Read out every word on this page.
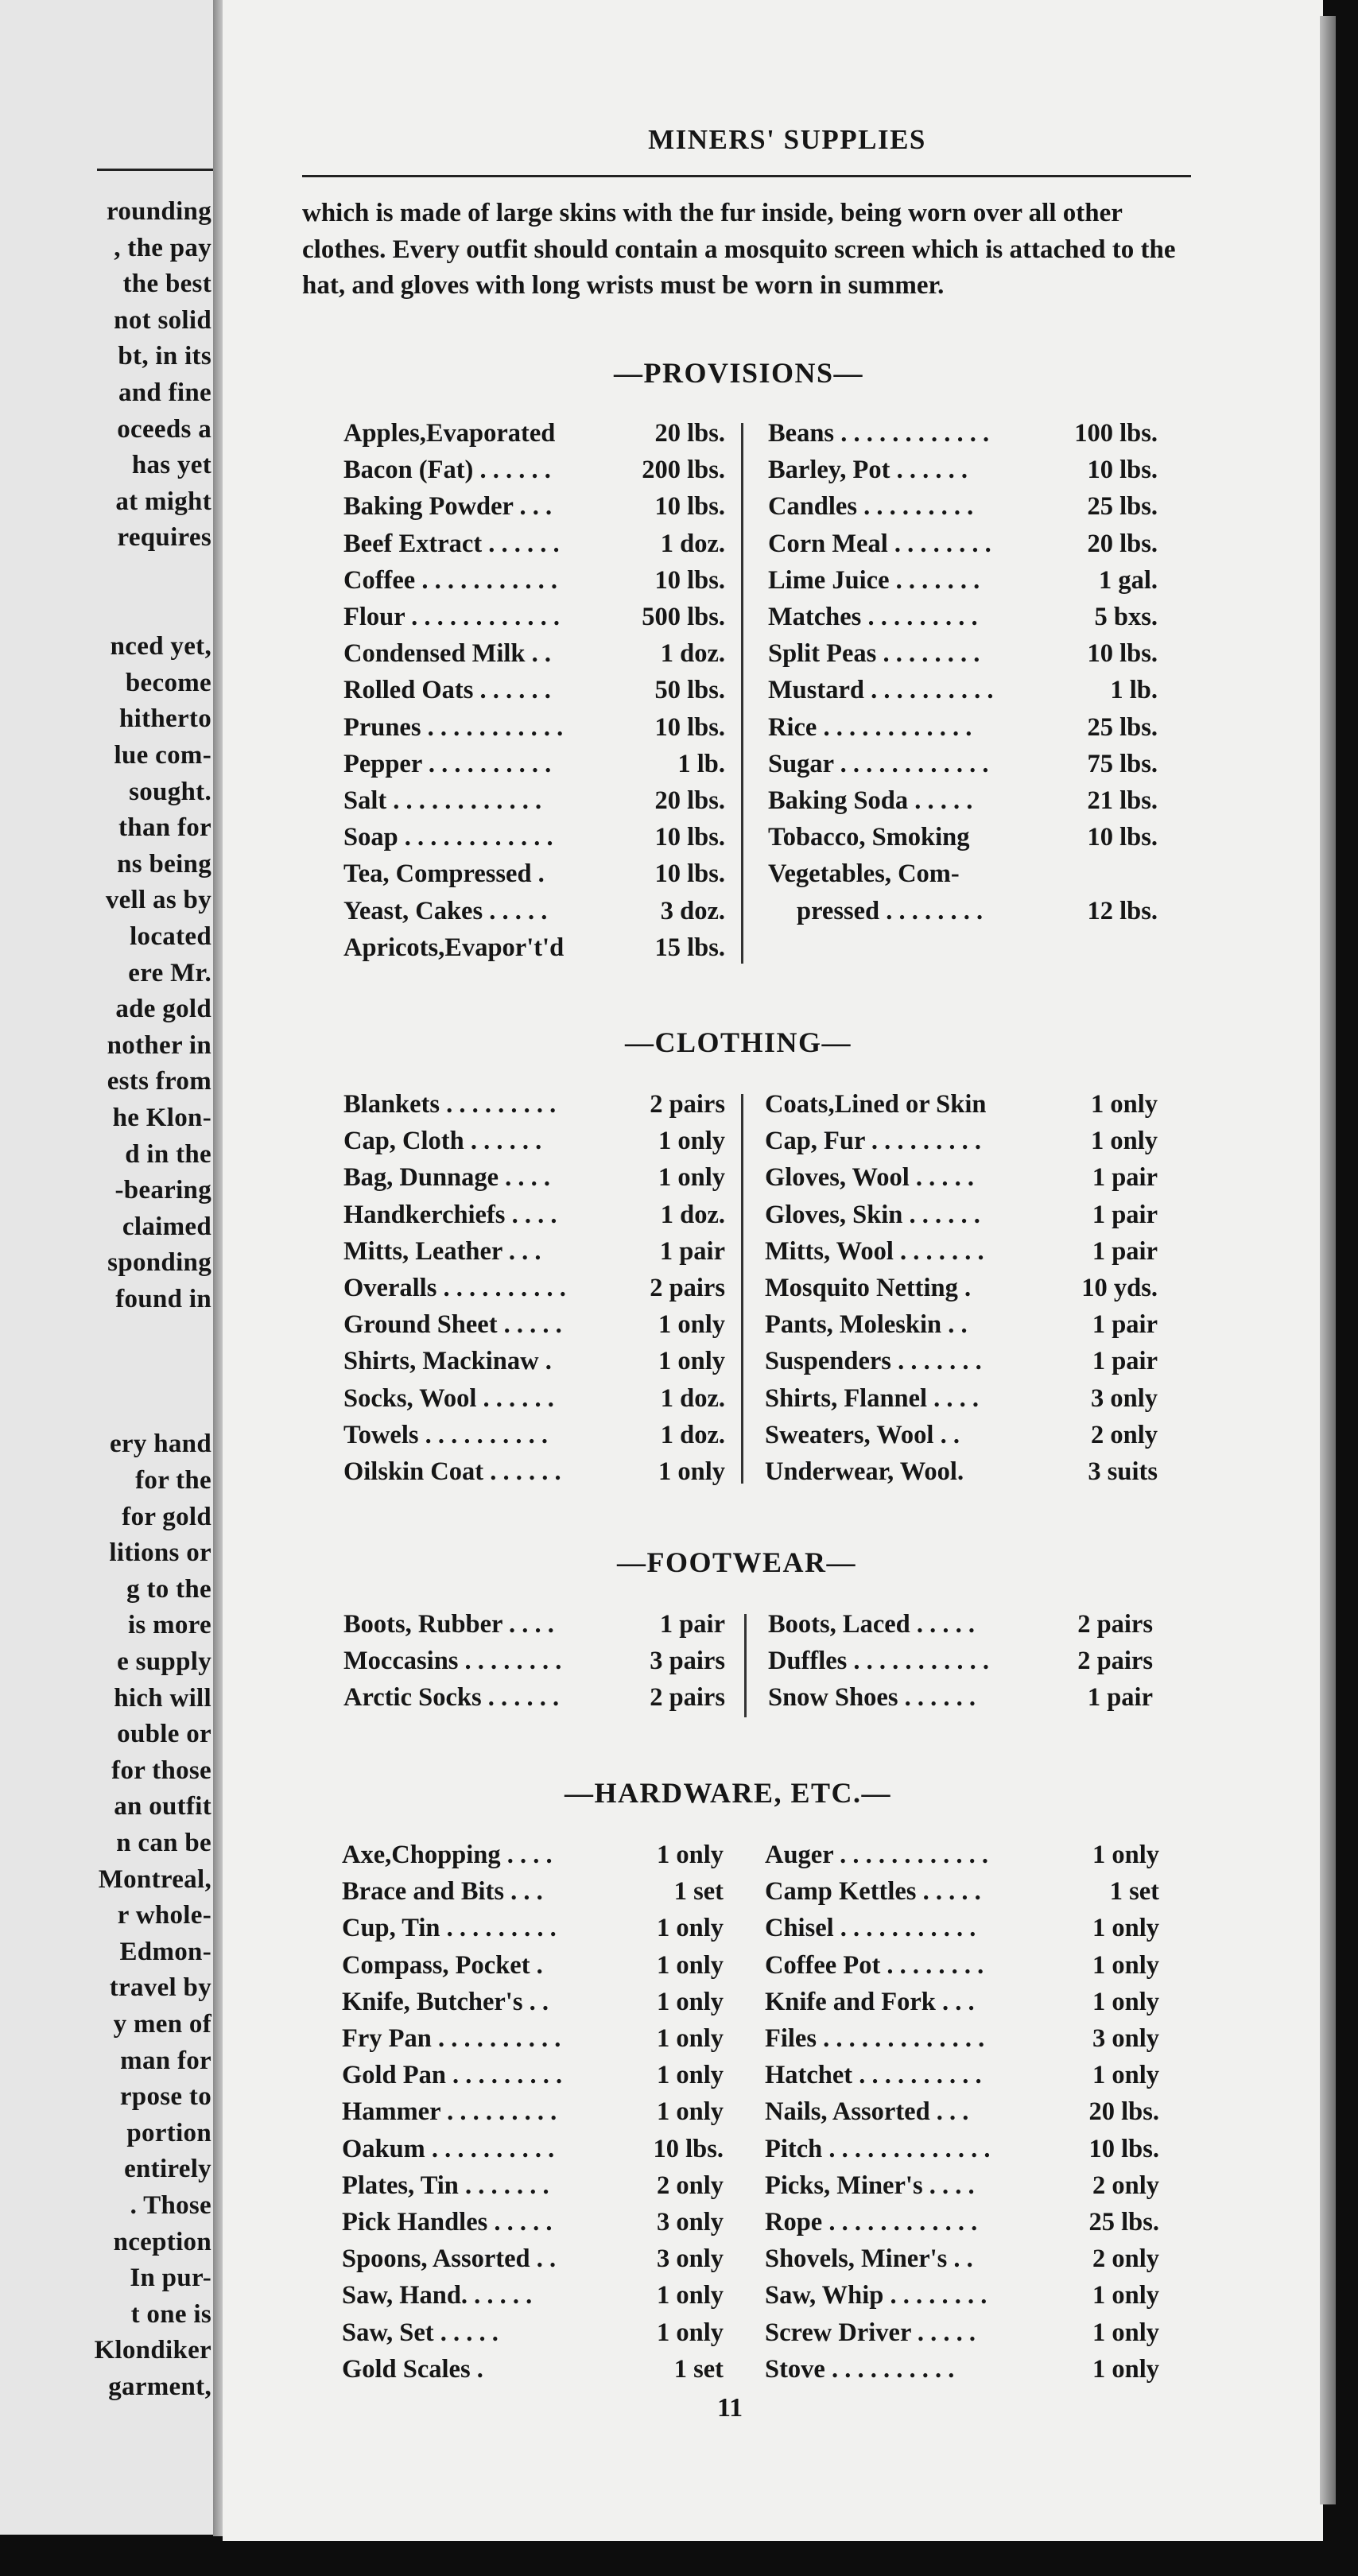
rounding
, the pay
the best
not solid
bt, in its
and fine
oceeds a
has yet
at might
requires
nced yet,
become
hitherto
lue com-
sought.
than for
ns being
vell as by
located
ere Mr.
ade gold
nother in
ests from
he Klon-
d in the
-bearing
claimed
sponding
found in
ery hand
for the
for gold
litions or
g to the
is more
e supply
hich will
ouble or
for those
an outfit
n can be
Montreal,
r whole-
Edmon-
travel by
y men of
man for
rpose to
portion
entirely
. Those
nception
In pur-
t one is
Klondiker
garment,
MINERS' SUPPLIES
which is made of large skins with the fur inside, being worn over all other clothes. Every outfit should contain a mosquito screen which is attached to the hat, and gloves with long wrists must be worn in summer.
—PROVISIONS—
Apples,Evaporated	20 lbs.
Bacon (Fat) . . . . . .	200 lbs.
Baking Powder . . .	10 lbs.
Beef Extract . . . . . .	1 doz.
Coffee . . . . . . . . . . .	10 lbs.
Flour . . . . . . . . . . . .	500 lbs.
Condensed Milk . .	1 doz.
Rolled Oats . . . . . .	50 lbs.
Prunes . . . . . . . . . . .	10 lbs.
Pepper . . . . . . . . . .	1 lb.
Salt . . . . . . . . . . . .	20 lbs.
Soap . . . . . . . . . . . .	10 lbs.
Tea, Compressed .	10 lbs.
Yeast, Cakes . . . . .	3 doz.
Apricots,Evapor't'd	15 lbs.
Beans . . . . . . . . . . . .	100 lbs.
Barley, Pot . . . . . .	10 lbs.
Candles . . . . . . . . .	25 lbs.
Corn Meal . . . . . . . .	20 lbs.
Lime Juice . . . . . . .	1 gal.
Matches . . . . . . . . .	5 bxs.
Split Peas . . . . . . . .	10 lbs.
Mustard . . . . . . . . . .	1 lb.
Rice . . . . . . . . . . . .	25 lbs.
Sugar . . . . . . . . . . . .	75 lbs.
Baking Soda . . . . .	21 lbs.
Tobacco, Smoking	10 lbs.
Vegetables, Com-
pressed . . . . . . . .	12 lbs.
—CLOTHING—
Blankets . . . . . . . . .	2 pairs
Cap, Cloth . . . . . .	1 only
Bag, Dunnage . . . .	1 only
Handkerchiefs . . . .	1 doz.
Mitts, Leather . . .	1 pair
Overalls . . . . . . . . . .	2 pairs
Ground Sheet . . . . .	1 only
Shirts, Mackinaw .	1 only
Socks, Wool . . . . . .	1 doz.
Towels . . . . . . . . . .	1 doz.
Oilskin Coat . . . . . .	1 only
Coats,Lined or Skin	1 only
Cap, Fur . . . . . . . . .	1 only
Gloves, Wool . . . . .	1 pair
Gloves, Skin . . . . . .	1 pair
Mitts, Wool . . . . . . .	1 pair
Mosquito Netting .	10 yds.
Pants, Moleskin . .	1 pair
Suspenders . . . . . . .	1 pair
Shirts, Flannel . . . .	3 only
Sweaters, Wool . .	2 only
Underwear, Wool.	3 suits
—FOOTWEAR—
Boots, Rubber . . . .	1 pair
Moccasins . . . . . . . .	3 pairs
Arctic Socks . . . . . .	2 pairs
Boots, Laced . . . . .	2 pairs
Duffles . . . . . . . . . . .	2 pairs
Snow Shoes . . . . . .	1 pair
—HARDWARE, ETC.—
Axe,Chopping . . . .	1 only
Brace and Bits . . .	1 set
Cup, Tin . . . . . . . . .	1 only
Compass, Pocket .	1 only
Knife, Butcher's . .	1 only
Fry Pan . . . . . . . . . .	1 only
Gold Pan . . . . . . . . .	1 only
Hammer . . . . . . . . .	1 only
Oakum . . . . . . . . . .	10 lbs.
Plates, Tin . . . . . . .	2 only
Pick Handles . . . . .	3 only
Spoons, Assorted . .	3 only
Saw, Hand. . . . . .	1 only
Saw, Set . . . . .	1 only
Gold Scales .	1 set
Auger . . . . . . . . . . . .	1 only
Camp Kettles . . . . .	1 set
Chisel . . . . . . . . . . .	1 only
Coffee Pot . . . . . . . .	1 only
Knife and Fork . . .	1 only
Files . . . . . . . . . . . . .	3 only
Hatchet . . . . . . . . . .	1 only
Nails, Assorted . . .	20 lbs.
Pitch . . . . . . . . . . . . .	10 lbs.
Picks, Miner's . . . .	2 only
Rope . . . . . . . . . . . .	25 lbs.
Shovels, Miner's . .	2 only
Saw, Whip . . . . . . . .	1 only
Screw Driver . . . . .	1 only
Stove . . . . . . . . . .	1 only
11
